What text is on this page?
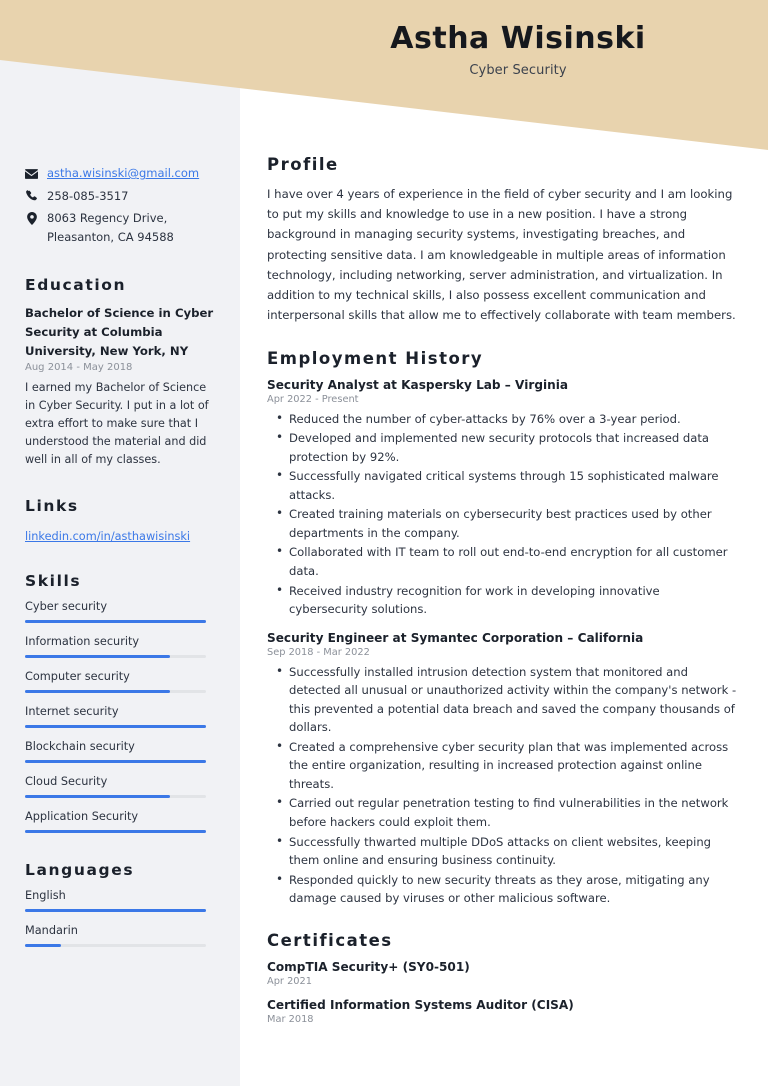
Astha Wisinski
Cyber Security
astha.wisinski@gmail.com
258-085-3517
8063 Regency Drive,
Pleasanton, CA 94588
Education
Bachelor of Science in Cyber Security at Columbia University, New York, NY
Aug 2014 - May 2018
I earned my Bachelor of Science in Cyber Security. I put in a lot of extra effort to make sure that I understood the material and did well in all of my classes.
Links
linkedin.com/in/asthawisinski
Skills
Cyber security
Information security
Computer security
Internet security
Blockchain security
Cloud Security
Application Security
Languages
English
Mandarin
Profile

I have over 4 years of experience in the field of cyber security and I am looking to put my skills and knowledge to use in a new position. I have a strong background in managing security systems, investigating breaches, and protecting sensitive data. I am knowledgeable in multiple areas of information technology, including networking, server administration, and virtualization. In addition to my technical skills, I also possess excellent communication and interpersonal skills that allow me to effectively collaborate with team members.

Employment History
Security Analyst at Kaspersky Lab – Virginia
Apr 2022 - Present
• Reduced the number of cyber-attacks by 76% over a 3-year period.
• Developed and implemented new security protocols that increased data protection by 92%.
• Successfully navigated critical systems through 15 sophisticated malware attacks.
• Created training materials on cybersecurity best practices used by other departments in the company.
• Collaborated with IT team to roll out end-to-end encryption for all customer data.
• Received industry recognition for work in developing innovative cybersecurity solutions.
Security Engineer at Symantec Corporation – California
Sep 2018 - Mar 2022
• Successfully installed intrusion detection system that monitored and detected all unusual or unauthorized activity within the company's network - this prevented a potential data breach and saved the company thousands of dollars.
• Created a comprehensive cyber security plan that was implemented across the entire organization, resulting in increased protection against online threats.
• Carried out regular penetration testing to find vulnerabilities in the network before hackers could exploit them.
• Successfully thwarted multiple DDoS attacks on client websites, keeping them online and ensuring business continuity.
• Responded quickly to new security threats as they arose, mitigating any damage caused by viruses or other malicious software.
Certificates
CompTIA Security+ (SY0-501)
Apr 2021
Certified Information Systems Auditor (CISA)
Mar 2018
